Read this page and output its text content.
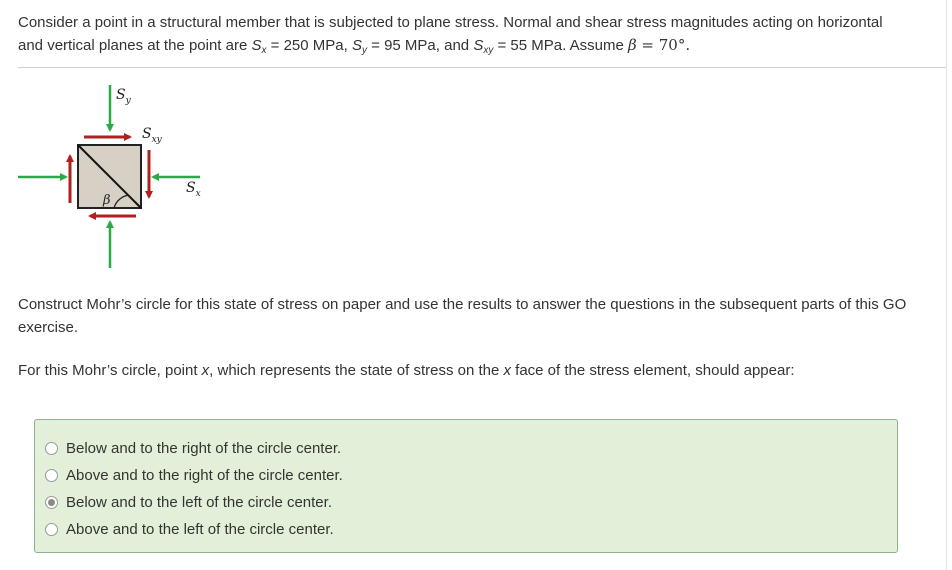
Consider a point in a structural member that is subjected to plane stress. Normal and shear stress magnitudes acting on horizontal
and vertical planes at the point are $S_x = 250$ MPa, $S_y = 95$ MPa, and $S_{xy} = 55$ MPa. Assume β = 70°.

$S_y$
$S_{xy}$
$S_x$
β

Construct Mohr’s circle for this state of stress on paper and use the results to answer the questions in the subsequent parts of this GO exercise.

For this Mohr’s circle, point x, which represents the state of stress on the x face of the stress element, should appear:

Below and to the right of the circle center.
Above and to the right of the circle center.
Below and to the left of the circle center.
Above and to the left of the circle center.
